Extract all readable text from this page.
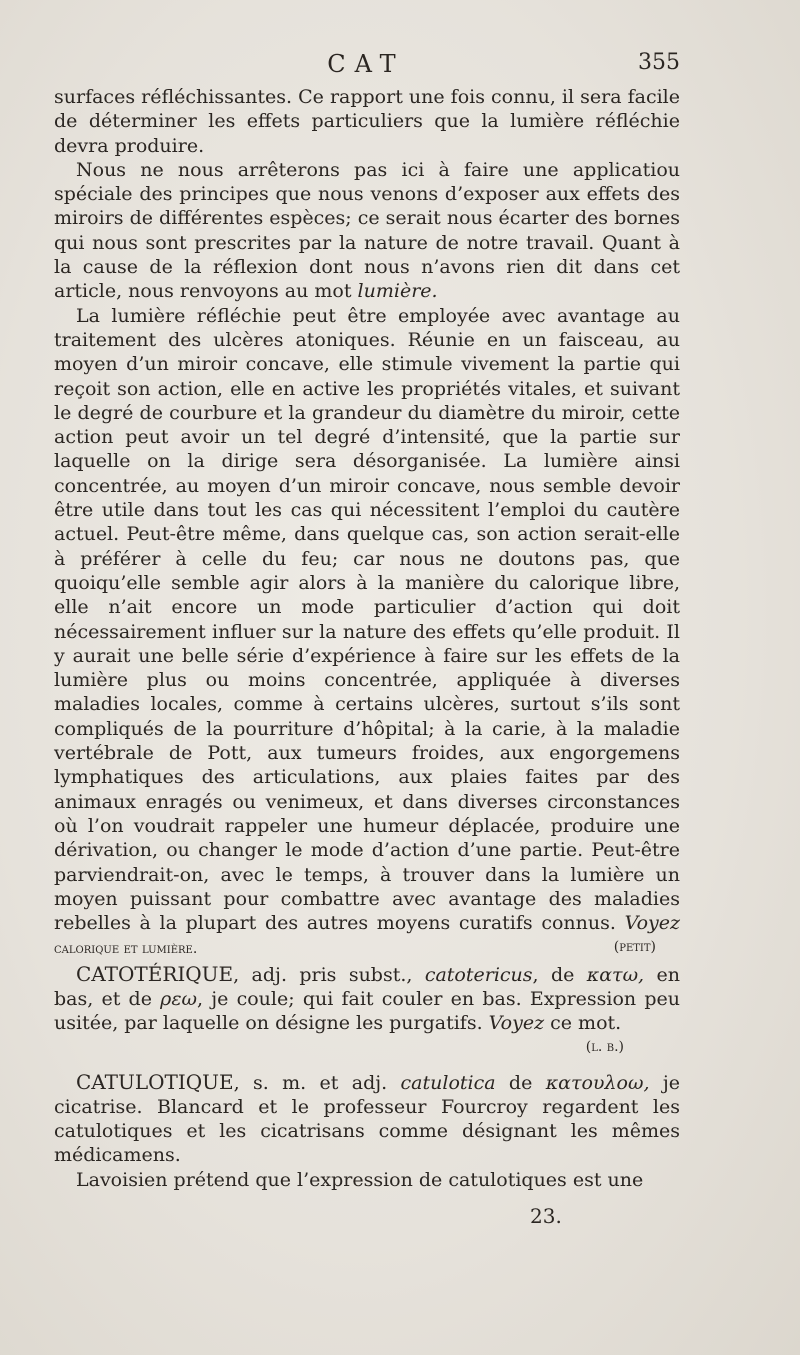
CAT	355

surfaces réfléchissantes. Ce rapport une fois connu, il sera facile de déterminer les effets particuliers que la lumière réfléchie devra produire.

Nous ne nous arrêterons pas ici à faire une applicatiou spéciale des principes que nous venons d’exposer aux effets des miroirs de différentes espèces; ce serait nous écarter des bornes qui nous sont prescrites par la nature de notre travail. Quant à la cause de la réflexion dont nous n’avons rien dit dans cet article, nous renvoyons au mot lumière.

La lumière réfléchie peut être employée avec avantage au traitement des ulcères atoniques. Réunie en un faisceau, au moyen d’un miroir concave, elle stimule vivement la partie qui reçoit son action, elle en active les propriétés vitales, et suivant le degré de courbure et la grandeur du diamètre du miroir, cette action peut avoir un tel degré d’intensité, que la partie sur laquelle on la dirige sera désorganisée. La lumière ainsi concentrée, au moyen d’un miroir concave, nous semble devoir être utile dans tout les cas qui nécessitent l’emploi du cautère actuel. Peut-être même, dans quelque cas, son action serait-elle à préférer à celle du feu; car nous ne doutons pas, que quoiqu’elle semble agir alors à la manière du calorique libre, elle n’ait encore un mode particulier d’action qui doit nécessairement influer sur la nature des effets qu’elle produit. Il y aurait une belle série d’expérience à faire sur les effets de la lumière plus ou moins concentrée, appliquée à diverses maladies locales, comme à certains ulcères, surtout s’ils sont compliqués de la pourriture d’hôpital; à la carie, à la maladie vertébrale de Pott, aux tumeurs froides, aux engorgemens lymphatiques des articulations, aux plaies faites par des animaux enragés ou venimeux, et dans diverses circonstances où l’on voudrait rappeler une humeur déplacée, produire une dérivation, ou changer le mode d’action d’une partie. Peut-être parviendrait-on, avec le temps, à trouver dans la lumière un moyen puissant pour combattre avec avantage des maladies rebelles à la plupart des autres moyens curatifs connus. Voyez calorique et lumière.	(petit)

CATOTÉRIQUE, adj. pris subst., catotericus, de κατω, en bas, et de ρεω, je coule; qui fait couler en bas. Expression peu usitée, par laquelle on désigne les purgatifs. Voyez ce mot.

(l. b.)

CATULOTIQUE, s. m. et adj. catulotica de κατουλοω, je cicatrise. Blancard et le professeur Fourcroy regardent les catulotiques et les cicatrisans comme désignant les mêmes médicamens.

Lavoisien prétend que l’expression de catulotiques est une

23.
